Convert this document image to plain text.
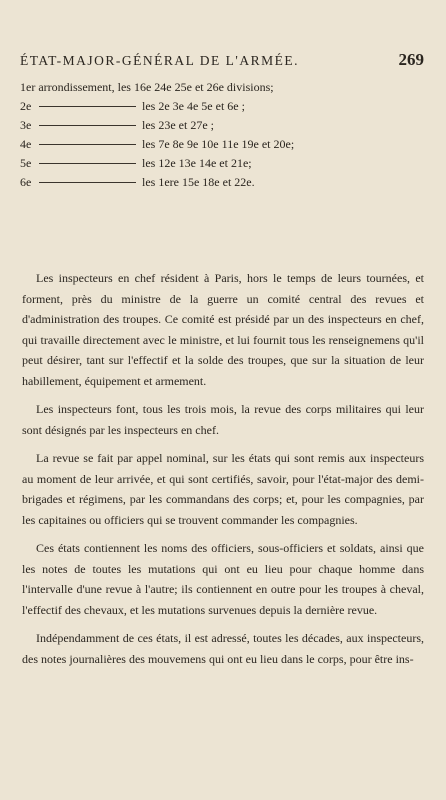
ÉTAT-MAJOR-GÉNÉRAL DE L'ARMÉE.	269
1er arrondissement, les 16e 24e 25e et 26e divisions;
2e	les 2e 3e 4e 5e et 6e ;
3e	les 23e et 27e ;
4e	les 7e 8e 9e 10e 11e 19e et 20e;
5e	les 12e 13e 14e et 21e;
6e	les 1ere 15e 18e et 22e.

Les inspecteurs en chef résident à Paris, hors le temps de leurs tournées, et forment, près du ministre de la guerre un comité central des revues et d'administration des troupes. Ce comité est présidé par un des inspecteurs en chef, qui travaille directement avec le ministre, et lui fournit tous les renseignemens qu'il peut désirer, tant sur l'effectif et la solde des troupes, que sur la situation de leur habillement, équipement et armement.

Les inspecteurs font, tous les trois mois, la revue des corps militaires qui leur sont désignés par les inspecteurs en chef.

La revue se fait par appel nominal, sur les états qui sont remis aux inspecteurs au moment de leur arrivée, et qui sont certifiés, savoir, pour l'état-major des demi-brigades et régimens, par les commandans des corps; et, pour les compagnies, par les capitaines ou officiers qui se trouvent commander les compagnies.

Ces états contiennent les noms des officiers, sous-officiers et soldats, ainsi que les notes de toutes les mutations qui ont eu lieu pour chaque homme dans l'intervalle d'une revue à l'autre; ils contiennent en outre pour les troupes à cheval, l'effectif des chevaux, et les mutations survenues depuis la dernière revue.

Indépendamment de ces états, il est adressé, toutes les décades, aux inspecteurs, des notes journalières des mouvemens qui ont eu lieu dans le corps, pour être ins-
